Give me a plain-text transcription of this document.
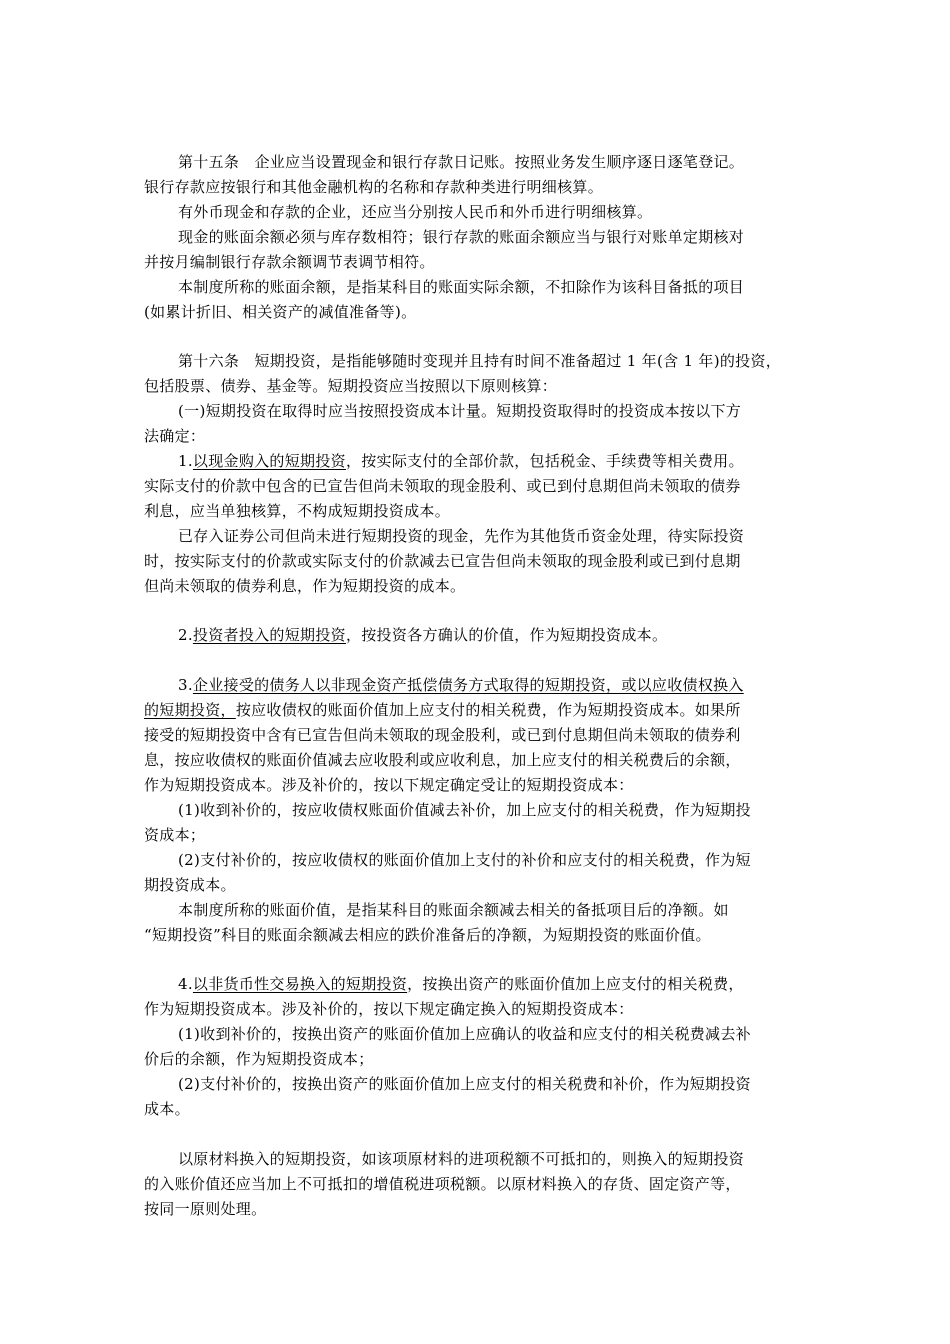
第十五条　企业应当设置现金和银行存款日记账。按照业务发生顺序逐日逐笔登记。
银行存款应按银行和其他金融机构的名称和存款种类进行明细核算。
有外币现金和存款的企业，还应当分别按人民币和外币进行明细核算。
现金的账面余额必须与库存数相符；银行存款的账面余额应当与银行对账单定期核对
并按月编制银行存款余额调节表调节相符。
本制度所称的账面余额，是指某科目的账面实际余额，不扣除作为该科目备抵的项目
(如累计折旧、相关资产的减值准备等)。
第十六条　短期投资，是指能够随时变现并且持有时间不准备超过 1 年(含 1 年)的投资，
包括股票、债券、基金等。短期投资应当按照以下原则核算：
(一)短期投资在取得时应当按照投资成本计量。短期投资取得时的投资成本按以下方
法确定：
1.以现金购入的短期投资，按实际支付的全部价款，包括税金、手续费等相关费用。
实际支付的价款中包含的已宣告但尚未领取的现金股利、或已到付息期但尚未领取的债券
利息，应当单独核算，不构成短期投资成本。
已存入证券公司但尚未进行短期投资的现金，先作为其他货币资金处理，待实际投资
时，按实际支付的价款或实际支付的价款减去已宣告但尚未领取的现金股利或已到付息期
但尚未领取的债券利息，作为短期投资的成本。
2.投资者投入的短期投资，按投资各方确认的价值，作为短期投资成本。
3.企业接受的债务人以非现金资产抵偿债务方式取得的短期投资，或以应收债权换入
的短期投资，按应收债权的账面价值加上应支付的相关税费，作为短期投资成本。如果所
接受的短期投资中含有已宣告但尚未领取的现金股利，或已到付息期但尚未领取的债券利
息，按应收债权的账面价值减去应收股利或应收利息，加上应支付的相关税费后的余额，
作为短期投资成本。涉及补价的，按以下规定确定受让的短期投资成本：
(1)收到补价的，按应收债权账面价值减去补价，加上应支付的相关税费，作为短期投
资成本；
(2)支付补价的，按应收债权的账面价值加上支付的补价和应支付的相关税费，作为短
期投资成本。
本制度所称的账面价值，是指某科目的账面余额减去相关的备抵项目后的净额。如
“短期投资”科目的账面余额减去相应的跌价准备后的净额，为短期投资的账面价值。
4.以非货币性交易换入的短期投资，按换出资产的账面价值加上应支付的相关税费，
作为短期投资成本。涉及补价的，按以下规定确定换入的短期投资成本：
(1)收到补价的，按换出资产的账面价值加上应确认的收益和应支付的相关税费减去补
价后的余额，作为短期投资成本；
(2)支付补价的，按换出资产的账面价值加上应支付的相关税费和补价，作为短期投资
成本。
以原材料换入的短期投资，如该项原材料的进项税额不可抵扣的，则换入的短期投资
的入账价值还应当加上不可抵扣的增值税进项税额。以原材料换入的存货、固定资产等，
按同一原则处理。
